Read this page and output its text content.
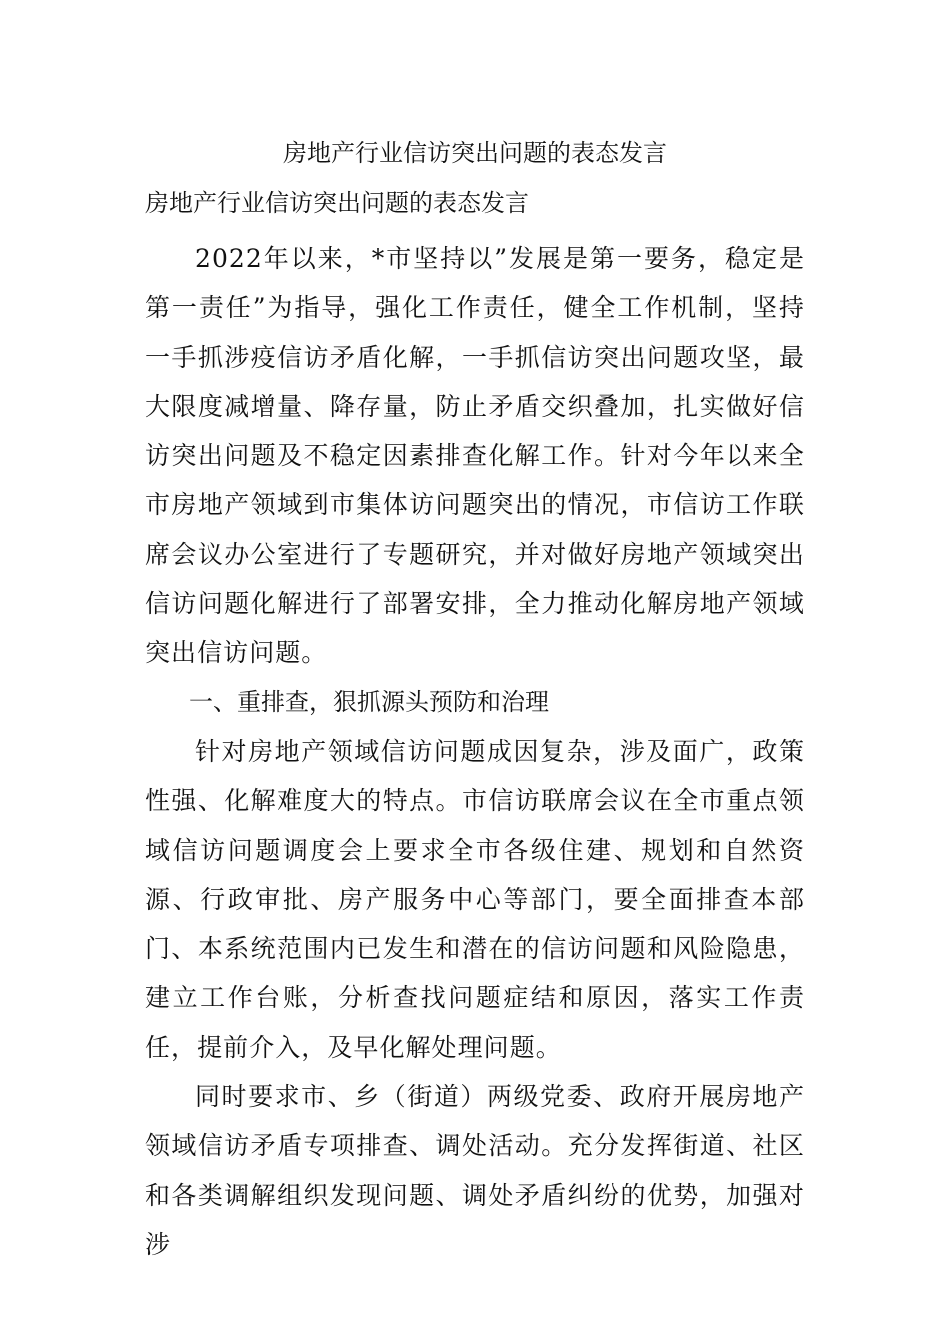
房地产行业信访突出问题的表态发言
房地产行业信访突出问题的表态发言

2022年以来，*市坚持以”发展是第一要务，稳定是第一责任”为指导，强化工作责任，健全工作机制，坚持一手抓涉疫信访矛盾化解，一手抓信访突出问题攻坚，最大限度减增量、降存量，防止矛盾交织叠加，扎实做好信访突出问题及不稳定因素排查化解工作。针对今年以来全市房地产领域到市集体访问题突出的情况，市信访工作联席会议办公室进行了专题研究，并对做好房地产领域突出信访问题化解进行了部署安排，全力推动化解房地产领域突出信访问题。

一、重排查，狠抓源头预防和治理

针对房地产领域信访问题成因复杂，涉及面广，政策性强、化解难度大的特点。市信访联席会议在全市重点领域信访问题调度会上要求全市各级住建、规划和自然资源、行政审批、房产服务中心等部门，要全面排查本部门、本系统范围内已发生和潜在的信访问题和风险隐患，建立工作台账，分析查找问题症结和原因，落实工作责任，提前介入，及早化解处理问题。

同时要求市、乡（街道）两级党委、政府开展房地产领域信访矛盾专项排查、调处活动。充分发挥街道、社区和各类调解组织发现问题、调处矛盾纠纷的优势，加强对涉
